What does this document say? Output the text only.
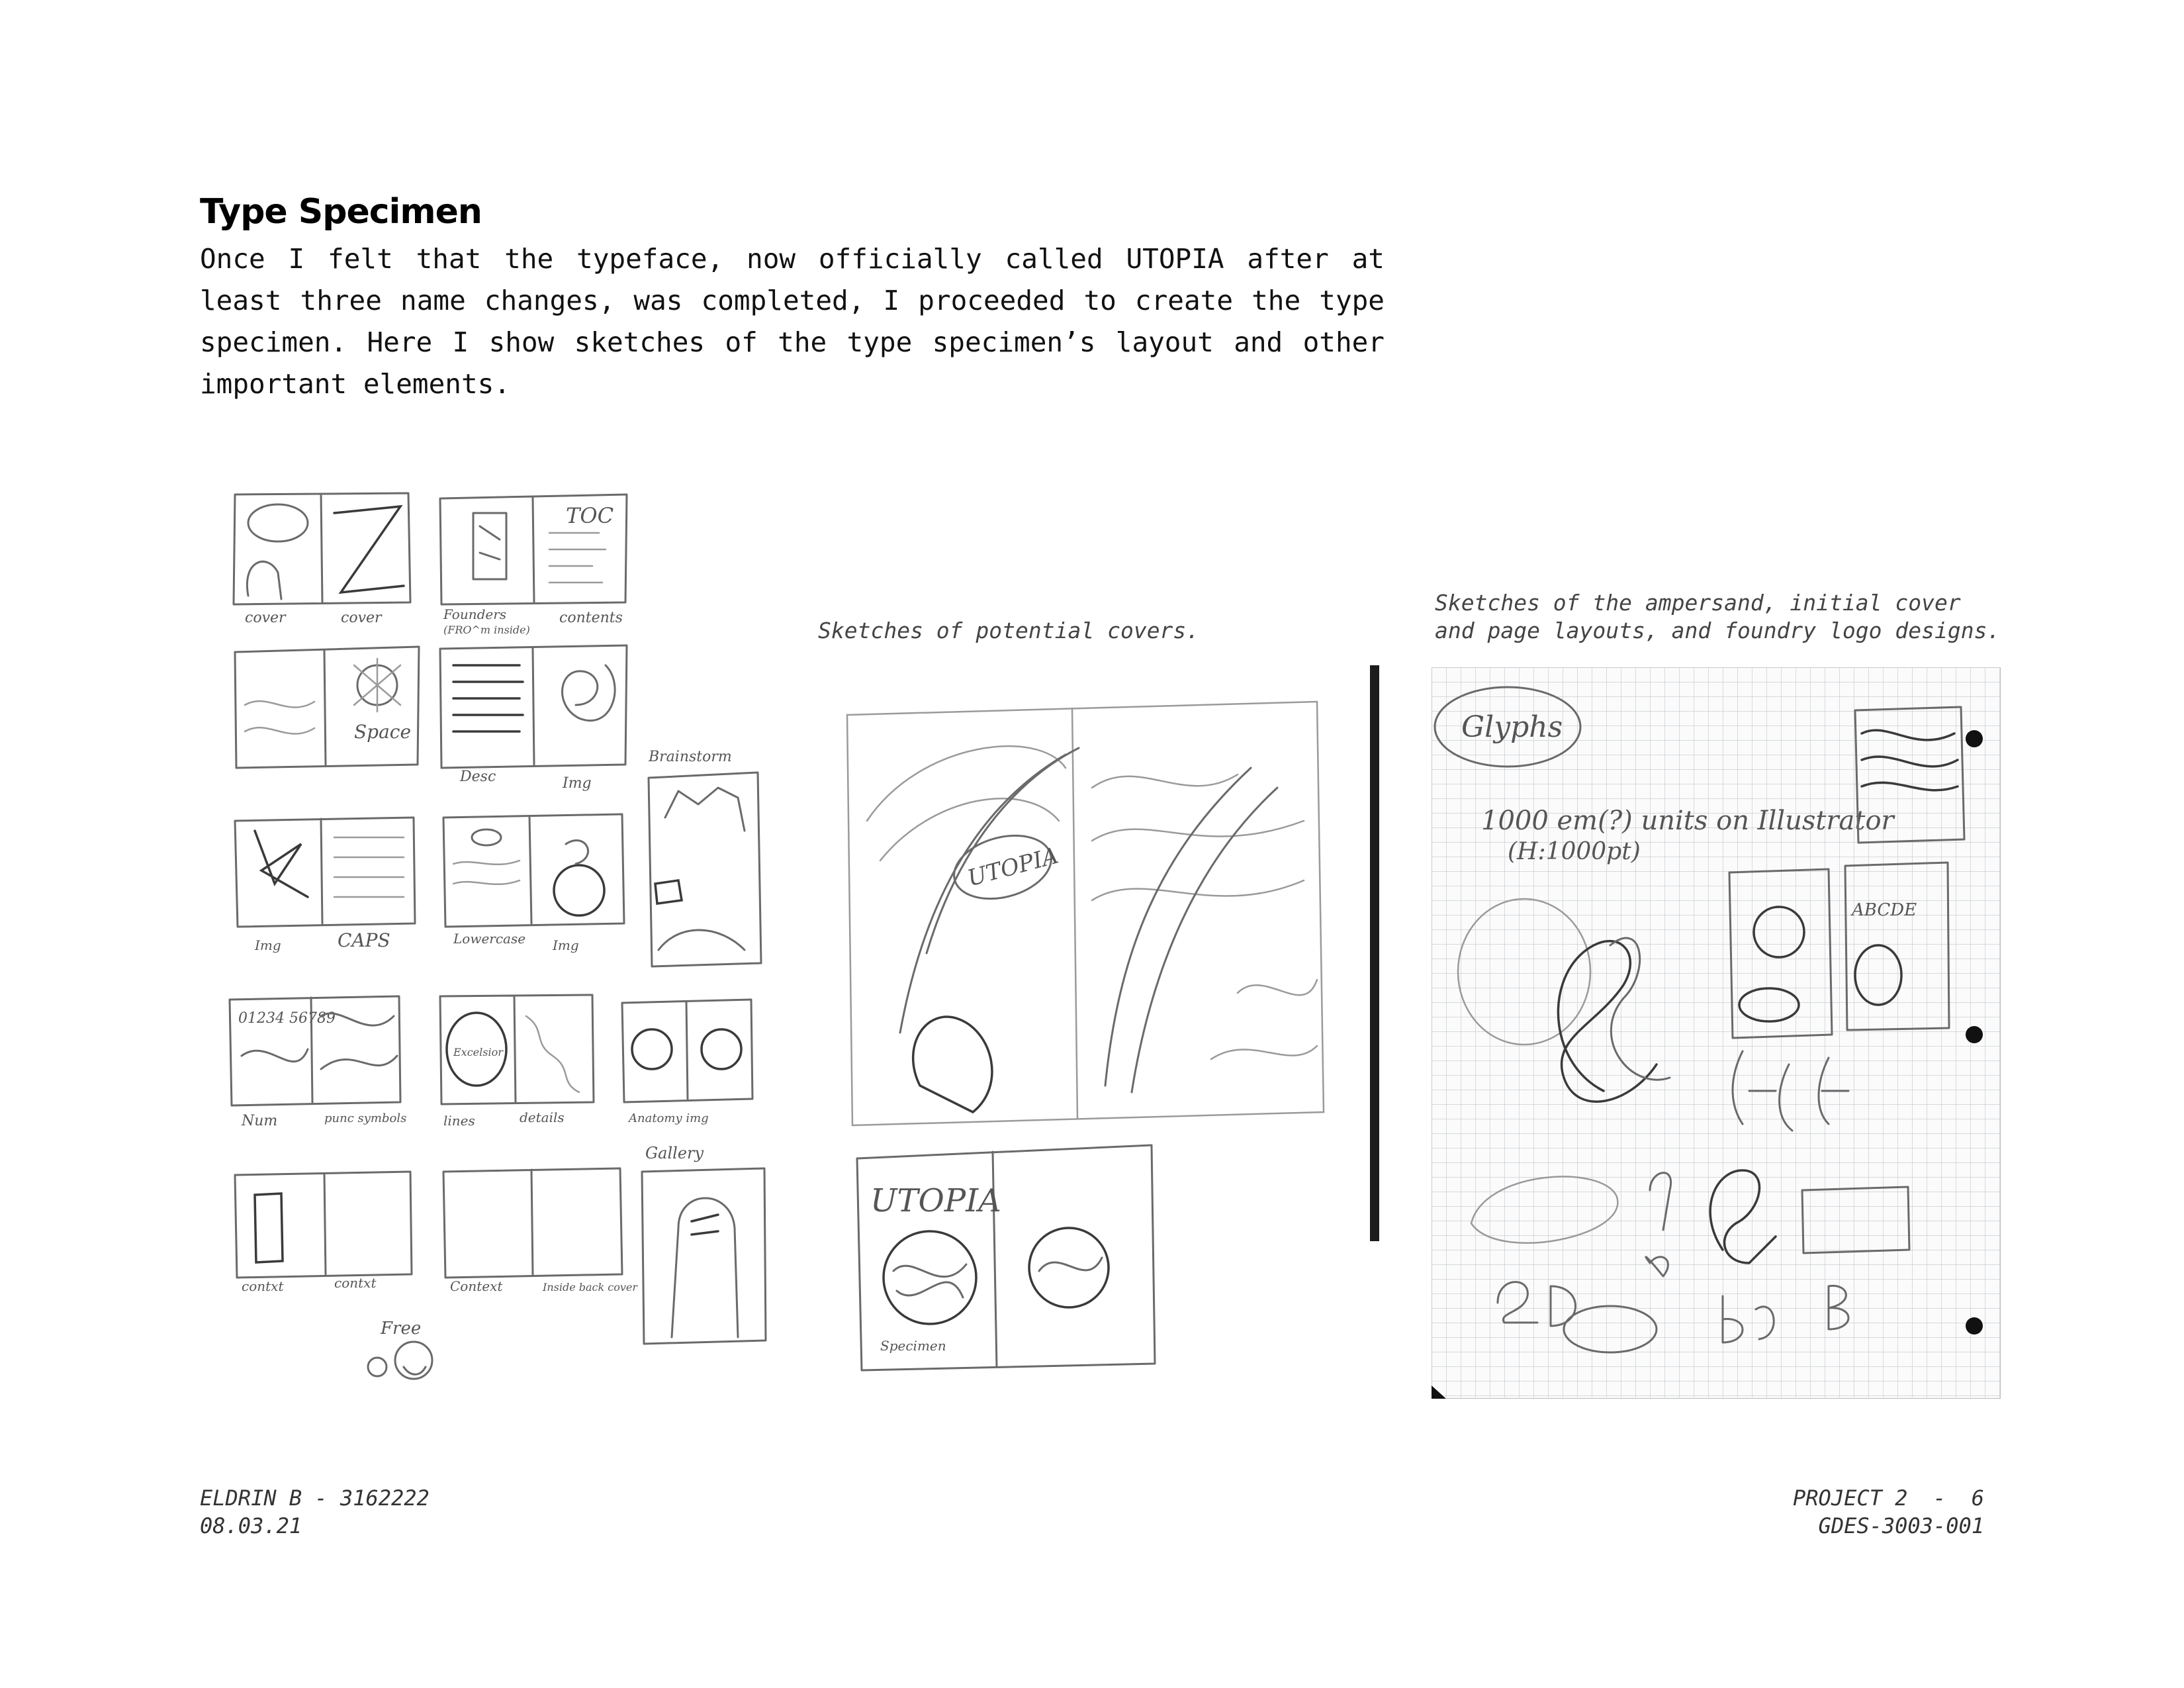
Type Specimen

Once I felt that the typeface, now officially called UTOPIA after at least three name changes, was completed, I proceeded to create the type specimen. Here I show sketches of the type specimen’s layout and other important elements.

Sketches of potential covers.

Sketches of the ampersand, initial cover and page layouts, and foundry logo designs.

cover	cover
TOC
Founders
(FRO^m inside)
contents
Space
Desc	Img
Brainstorm
Img	CAPS	Lowercase Img
01234 56789
Num	punc symbols
Excelsior
lines	details	Anatomy img
Gallery
contxt	contxt	Context	Inside back cover
Free
UTOPIA
UTOPIA
Specimen
Glyphs
1000 em(?) units on Illustrator
(H:1000pt)
ABCDE
ELDRIN B - 3162222
08.03.21
PROJECT 2  -  6
GDES-3003-001
